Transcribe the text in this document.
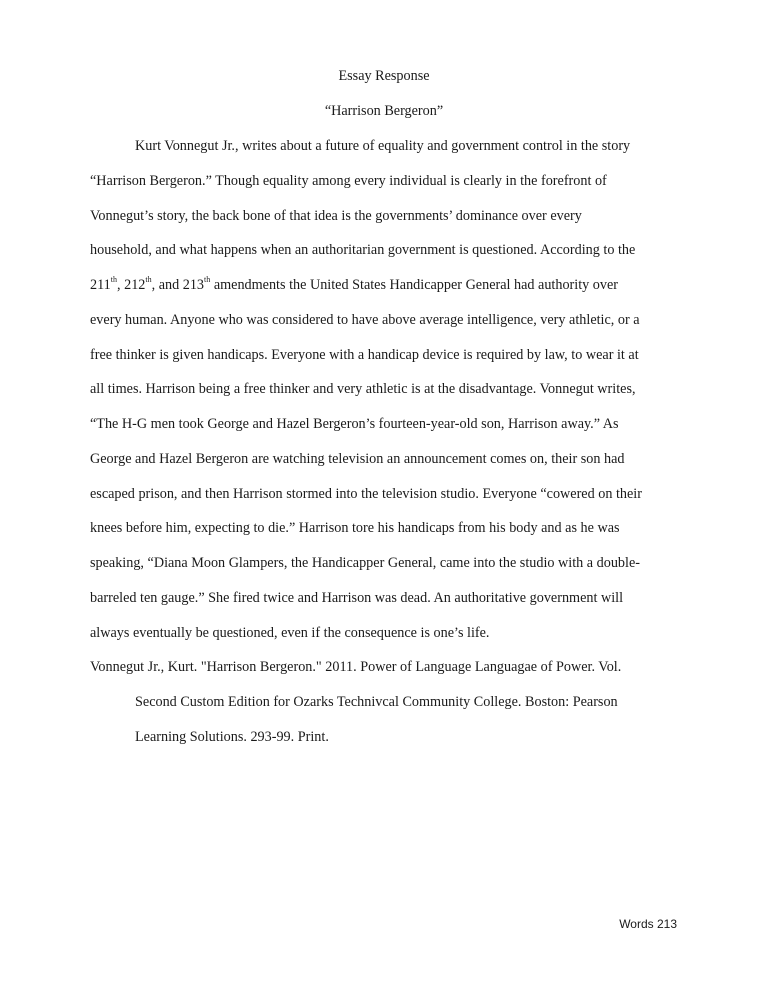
Essay Response
“Harrison Bergeron”
Kurt Vonnegut Jr., writes about a future of equality and government control in the story
“Harrison Bergeron.” Though equality among every individual is clearly in the forefront of
Vonnegut’s story, the back bone of that idea is the governments’ dominance over every
household, and what happens when an authoritarian government is questioned. According to the
211th, 212th, and 213th amendments the United States Handicapper General had authority over
every human. Anyone who was considered to have above average intelligence, very athletic, or a
free thinker is given handicaps. Everyone with a handicap device is required by law, to wear it at
all times. Harrison being a free thinker and very athletic is at the disadvantage. Vonnegut writes,
“The H-G men took George and Hazel Bergeron’s fourteen-year-old son, Harrison away.” As
George and Hazel Bergeron are watching television an announcement comes on, their son had
escaped prison, and then Harrison stormed into the television studio. Everyone “cowered on their
knees before him, expecting to die.” Harrison tore his handicaps from his body and as he was
speaking, “Diana Moon Glampers, the Handicapper General, came into the studio with a double-
barreled ten gauge.” She fired twice and Harrison was dead. An authoritative government will
always eventually be questioned, even if the consequence is one’s life.
Vonnegut Jr., Kurt. "Harrison Bergeron." 2011. Power of Language Languagae of Power. Vol.
Second Custom Edition for Ozarks Technivcal Community College. Boston: Pearson
Learning Solutions. 293-99. Print.
Words 213
